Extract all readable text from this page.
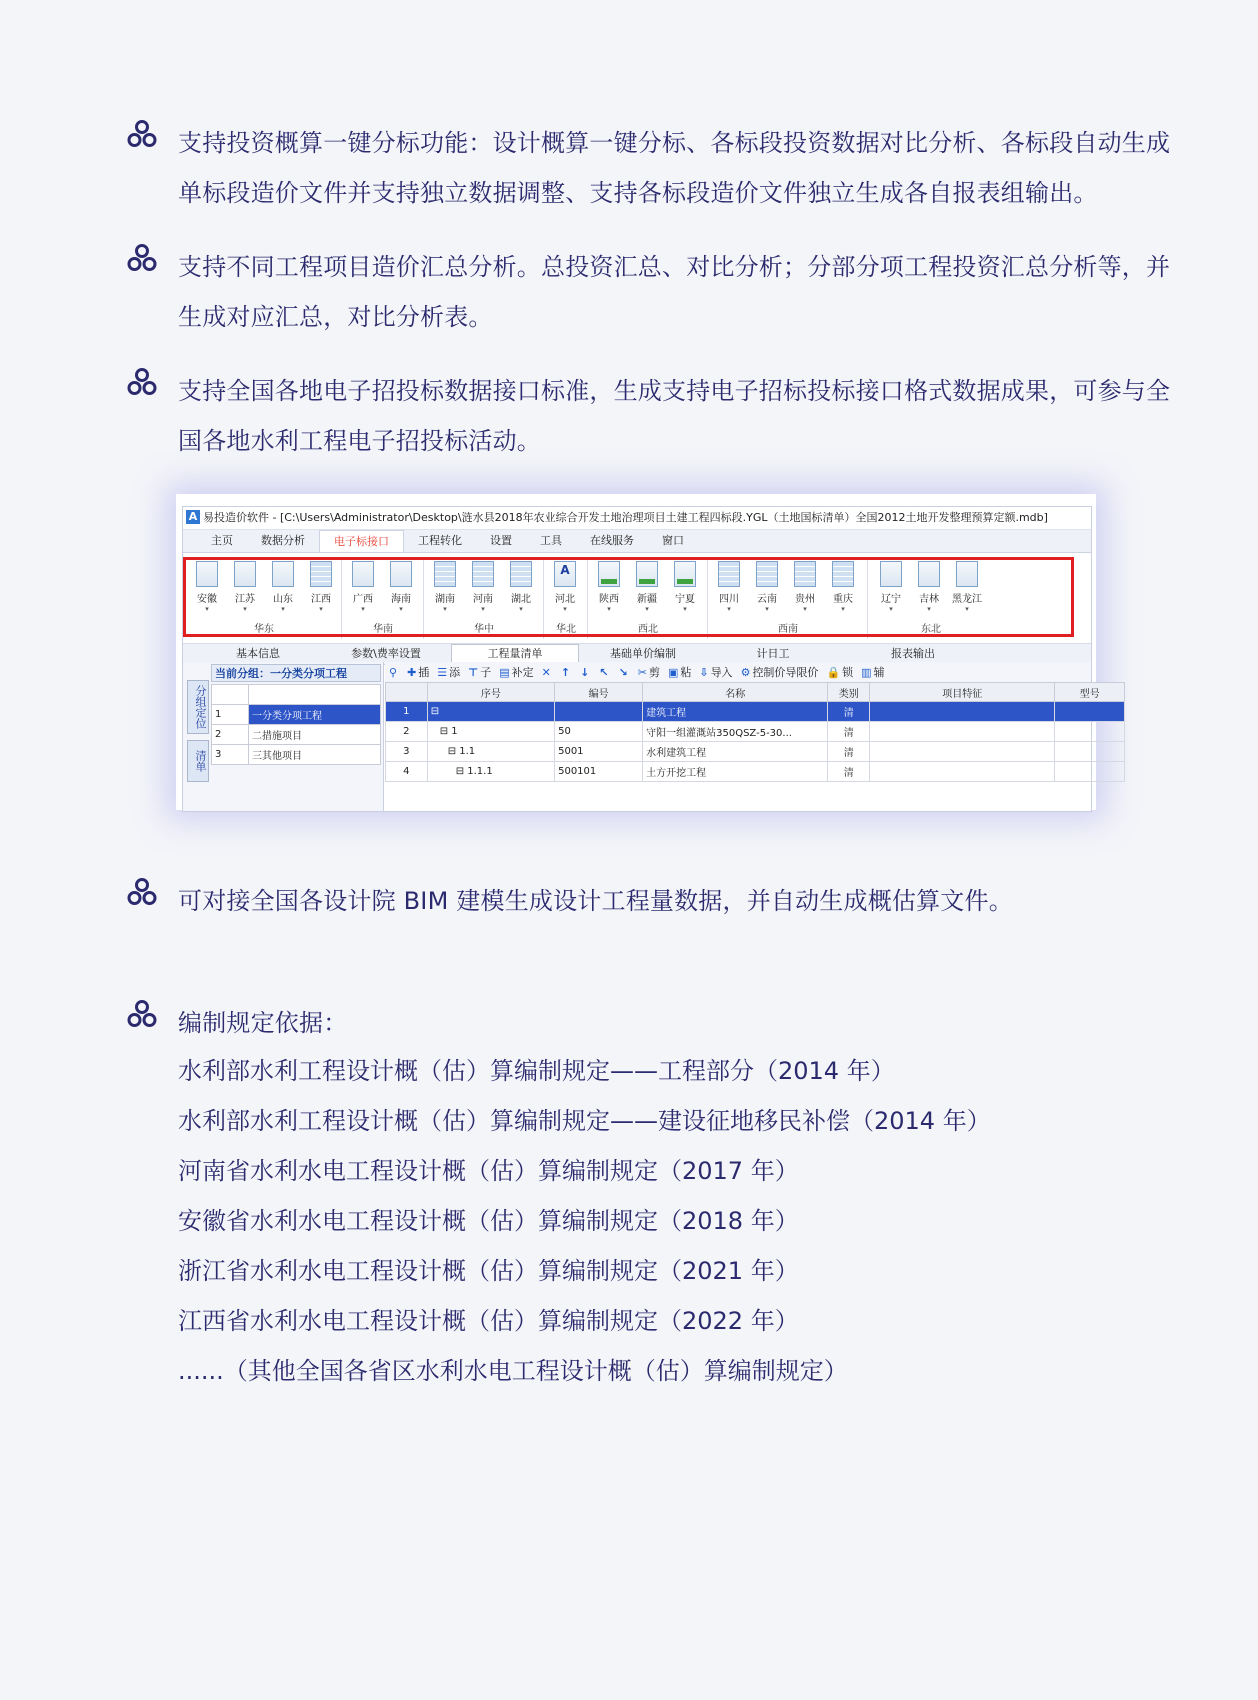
支持投资概算一键分标功能：设计概算一键分标、各标段投资数据对比分析、各标段自动生成单标段造价文件并支持独立数据调整、支持各标段造价文件独立生成各自报表组输出。
支持不同工程项目造价汇总分析。总投资汇总、对比分析；分部分项工程投资汇总分析等，并生成对应汇总，对比分析表。
支持全国各地电子招投标数据接口标准，生成支持电子招标投标接口格式数据成果，可参与全国各地水利工程电子招投标活动。
A 易投造价软件 - [C:\Users\Administrator\Desktop\涟水县2018年农业综合开发土地治理项目土建工程四标段.YGL（土地国标清单）全国2012土地开发整理预算定额.mdb]
主页	数据分析	电子标接口	工程转化	设置	工具	在线服务	窗口
安徽
▾
江苏
▾
山东
▾
江西
▾
华东
广西
▾
海南
▾
华南
湖南
▾
河南
▾
湖北
▾
华中
A
河北
▾
华北
陕西
▾
新疆
▾
宁夏
▾
西北
四川
▾
云南
▾
贵州
▾
重庆
▾
西南
辽宁
▾
吉林
▾
黑龙江
▾
东北
基本信息	参数\费率设置	工程量清单	基础单价编制	计日工	报表输出
分组定位
清单
当前分组：一分类分项工程

1	一分类分项工程
2	二措施项目
3	三其他项目
⚲ ✚ 插 ☰ 添 ⊤ 子 ▤ 补定 ✕ ↑ ↓ ↖ ↘ ✂ 剪 ▣ 粘 ⇩ 导入 ⚙ 控制价导限价 🔒 锁 ▥ 辅
	序号	编号	名称	类别	项目特征	型号
1	⊟		建筑工程	清		
2	⊟ 1	50	守阳一组灌溉站350QSZ-5-30...	清		
3	⊟ 1.1	5001	水利建筑工程	清		
4	⊟ 1.1.1	500101	土方开挖工程	清		
可对接全国各设计院 BIM 建模生成设计工程量数据，并自动生成概估算文件。
编制规定依据：
水利部水利工程设计概（估）算编制规定——工程部分（2014 年）
水利部水利工程设计概（估）算编制规定——建设征地移民补偿（2014 年）
河南省水利水电工程设计概（估）算编制规定（2017 年）
安徽省水利水电工程设计概（估）算编制规定（2018 年）
浙江省水利水电工程设计概（估）算编制规定（2021 年）
江西省水利水电工程设计概（估）算编制规定（2022 年）
......（其他全国各省区水利水电工程设计概（估）算编制规定）
